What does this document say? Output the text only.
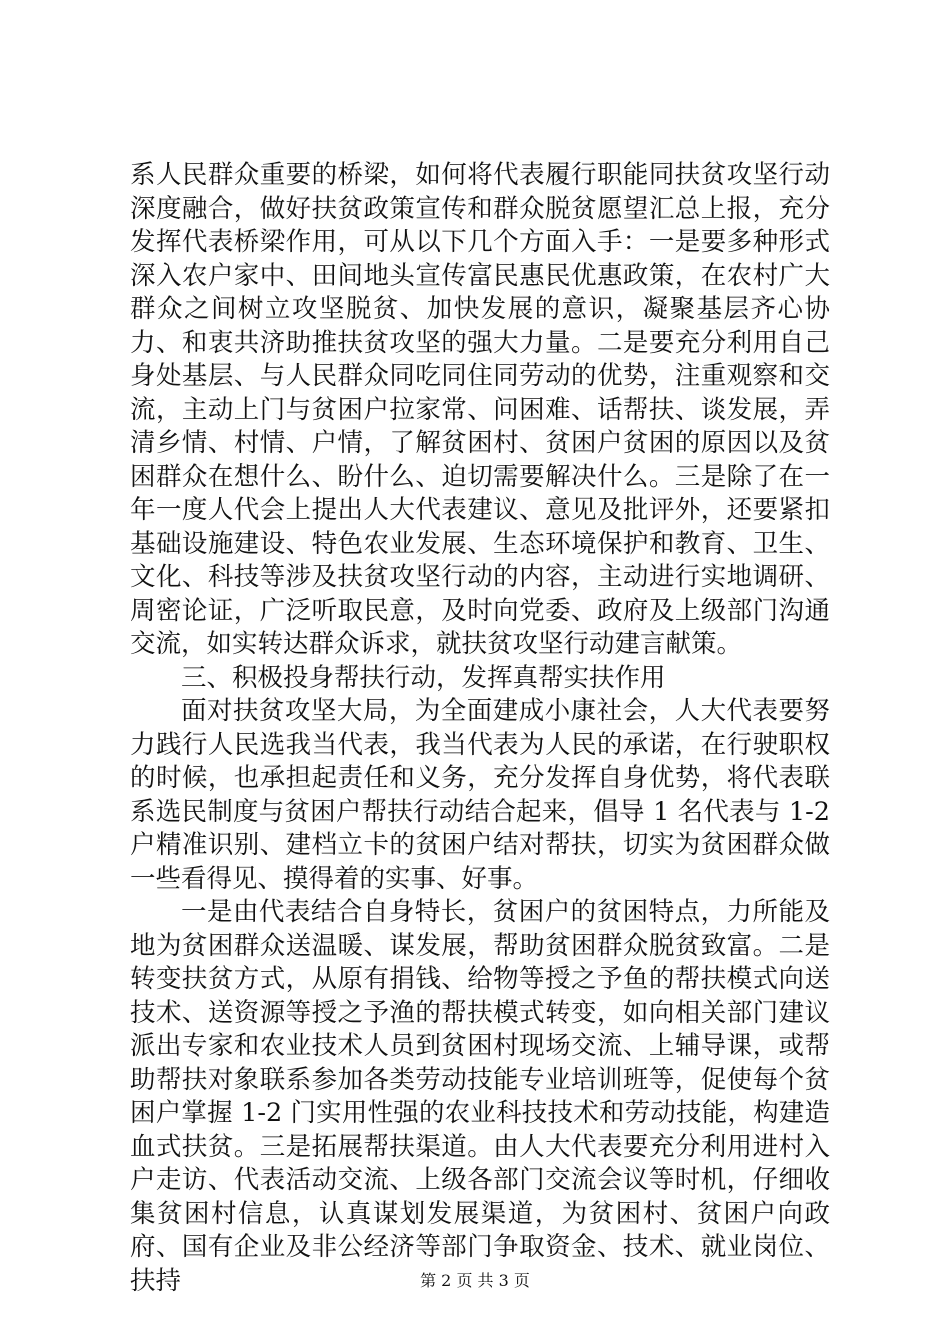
系人民群众重要的桥梁，如何将代表履行职能同扶贫攻坚行动深度融合，做好扶贫政策宣传和群众脱贫愿望汇总上报，充分发挥代表桥梁作用，可从以下几个方面入手：一是要多种形式深入农户家中、田间地头宣传富民惠民优惠政策，在农村广大群众之间树立攻坚脱贫、加快发展的意识，凝聚基层齐心协力、和衷共济助推扶贫攻坚的强大力量。二是要充分利用自己身处基层、与人民群众同吃同住同劳动的优势，注重观察和交流，主动上门与贫困户拉家常、问困难、话帮扶、谈发展，弄清乡情、村情、户情，了解贫困村、贫困户贫困的原因以及贫困群众在想什么、盼什么、迫切需要解决什么。三是除了在一年一度人代会上提出人大代表建议、意见及批评外，还要紧扣基础设施建设、特色农业发展、生态环境保护和教育、卫生、文化、科技等涉及扶贫攻坚行动的内容，主动进行实地调研、周密论证，广泛听取民意，及时向党委、政府及上级部门沟通交流，如实转达群众诉求，就扶贫攻坚行动建言献策。

三、积极投身帮扶行动，发挥真帮实扶作用

面对扶贫攻坚大局，为全面建成小康社会，人大代表要努力践行人民选我当代表，我当代表为人民的承诺，在行驶职权的时候，也承担起责任和义务，充分发挥自身优势，将代表联系选民制度与贫困户帮扶行动结合起来，倡导 1 名代表与 1-2 户精准识别、建档立卡的贫困户结对帮扶，切实为贫困群众做一些看得见、摸得着的实事、好事。

一是由代表结合自身特长，贫困户的贫困特点，力所能及地为贫困群众送温暖、谋发展，帮助贫困群众脱贫致富。二是转变扶贫方式，从原有捐钱、给物等授之予鱼的帮扶模式向送技术、送资源等授之予渔的帮扶模式转变，如向相关部门建议派出专家和农业技术人员到贫困村现场交流、上辅导课，或帮助帮扶对象联系参加各类劳动技能专业培训班等，促使每个贫困户掌握 1-2 门实用性强的农业科技技术和劳动技能，构建造血式扶贫。三是拓展帮扶渠道。由人大代表要充分利用进村入户走访、代表活动交流、上级各部门交流会议等时机，仔细收集贫困村信息，认真谋划发展渠道，为贫困村、贫困户向政府、国有企业及非公经济等部门争取资金、技术、就业岗位、扶持	第 2 页 共 3 页
